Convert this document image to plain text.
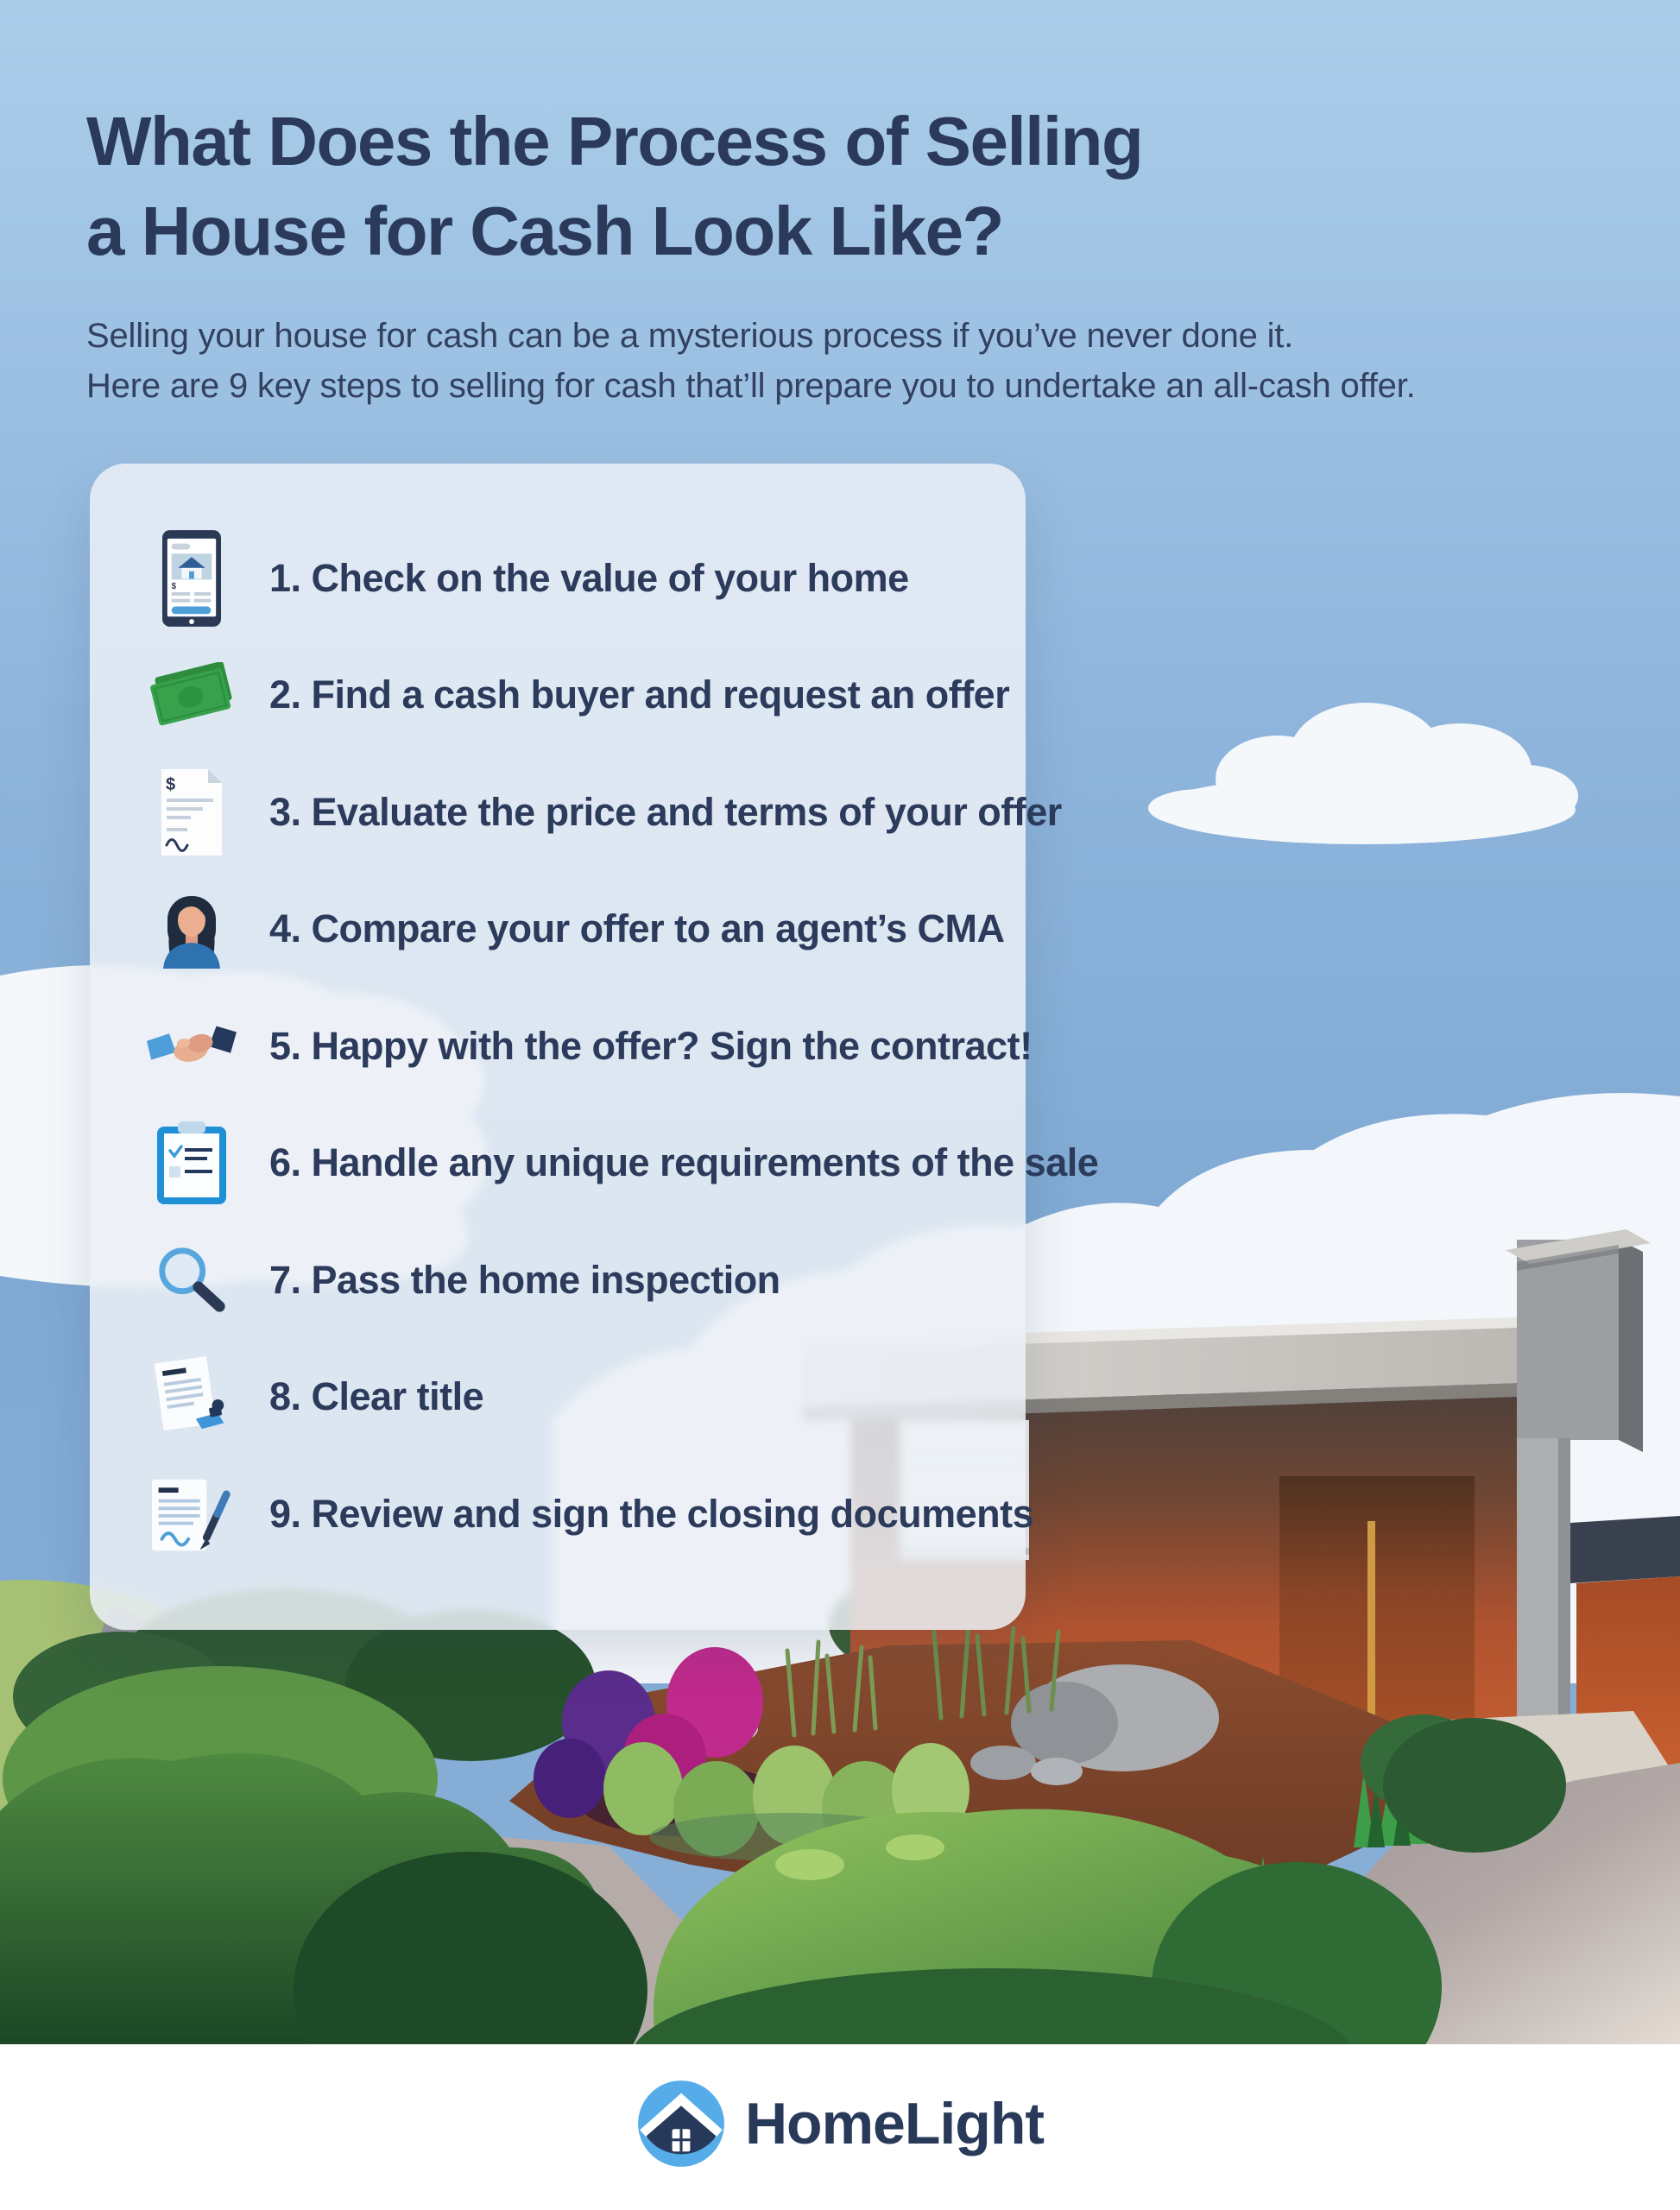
What Does the Process of Selling
a House for Cash Look Like?
Selling your house for cash can be a mysterious process if you’ve never done it.
Here are 9 key steps to selling for cash that’ll prepare you to undertake an all-cash offer.
$ 1. Check on the value of your home
2. Find a cash buyer and request an offer
$
3. Evaluate the price and terms of your offer
4. Compare your offer to an agent’s CMA
5. Happy with the offer? Sign the contract!
6. Handle any unique requirements of the sale
7. Pass the home inspection
8. Clear title
9. Review and sign the closing documents
HomeLight
